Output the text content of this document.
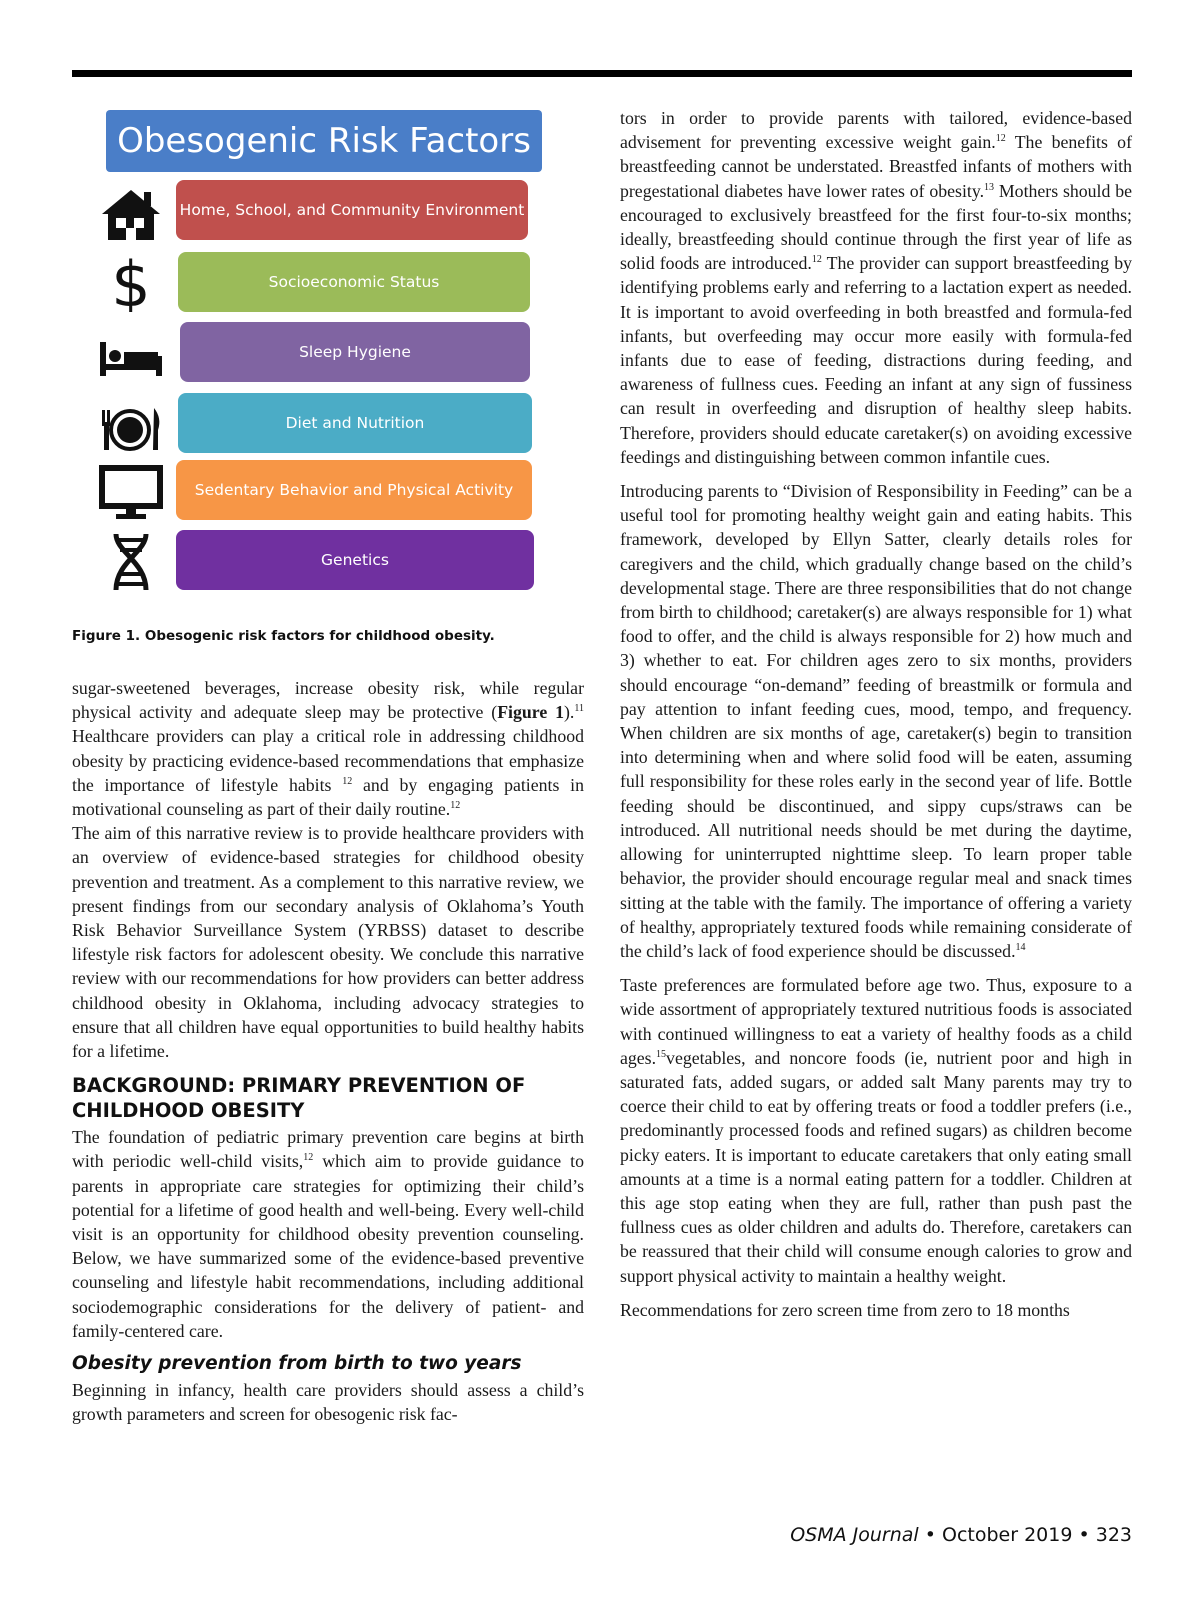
Obesogenic Risk Factors
$
Home, School, and Community Environment
Socioeconomic Status
Sleep Hygiene
Diet and Nutrition
Sedentary Behavior and Physical Activity
Genetics
Figure 1. Obesogenic risk factors for childhood obesity.

sugar-sweetened beverages, increase obesity risk, while regular physical activity and adequate sleep may be protective (Figure 1).$^{11}$ Healthcare providers can play a critical role in addressing childhood obesity by practicing evidence-based recommendations that emphasize the importance of lifestyle habits $^{12}$ and by engaging patients in motivational counseling as part of their daily routine.$^{12}$

The aim of this narrative review is to provide healthcare providers with an overview of evidence-based strategies for childhood obesity prevention and treatment. As a complement to this narrative review, we present findings from our secondary analysis of Oklahoma’s Youth Risk Behavior Surveillance System (YRBSS) dataset to describe lifestyle risk factors for adolescent obesity. We conclude this narrative review with our recommendations for how providers can better address childhood obesity in Oklahoma, including advocacy strategies to ensure that all children have equal opportunities to build healthy habits for a lifetime.

BACKGROUND: PRIMARY PREVENTION OF CHILDHOOD OBESITY

The foundation of pediatric primary prevention care begins at birth with periodic well-child visits,$^{12}$ which aim to provide guidance to parents in appropriate care strategies for optimizing their child’s potential for a lifetime of good health and well-being. Every well-child visit is an opportunity for childhood obesity prevention counseling. Below, we have summarized some of the evidence-based preventive counseling and lifestyle habit recommendations, including additional sociodemographic considerations for the delivery of patient- and family-centered care.

Obesity prevention from birth to two years

Beginning in infancy, health care providers should assess a child’s growth parameters and screen for obesogenic risk fac-

tors in order to provide parents with tailored, evidence-based advisement for preventing excessive weight gain.$^{12}$ The benefits of breastfeeding cannot be understated. Breastfed infants of mothers with pregestational diabetes have lower rates of obesity.$^{13}$ Mothers should be encouraged to exclusively breastfeed for the first four-to-six months; ideally, breastfeeding should continue through the first year of life as solid foods are introduced.$^{12}$ The provider can support breastfeeding by identifying problems early and referring to a lactation expert as needed. It is important to avoid overfeeding in both breastfed and formula-fed infants, but overfeeding may occur more easily with formula-fed infants due to ease of feeding, distractions during feeding, and awareness of fullness cues. Feeding an infant at any sign of fussiness can result in overfeeding and disruption of healthy sleep habits. Therefore, providers should educate caretaker(s) on avoiding excessive feedings and distinguishing between common infantile cues.

Introducing parents to “Division of Responsibility in Feeding” can be a useful tool for promoting healthy weight gain and eating habits. This framework, developed by Ellyn Satter, clearly details roles for caregivers and the child, which gradually change based on the child’s developmental stage. There are three responsibilities that do not change from birth to childhood; caretaker(s) are always responsible for 1) what food to offer, and the child is always responsible for 2) how much and 3) whether to eat. For children ages zero to six months, providers should encourage “on-demand” feeding of breastmilk or formula and pay attention to infant feeding cues, mood, tempo, and frequency. When children are six months of age, caretaker(s) begin to transition into determining when and where solid food will be eaten, assuming full responsibility for these roles early in the second year of life. Bottle feeding should be discontinued, and sippy cups/straws can be introduced. All nutritional needs should be met during the daytime, allowing for uninterrupted nighttime sleep. To learn proper table behavior, the provider should encourage regular meal and snack times sitting at the table with the family. The importance of offering a variety of healthy, appropriately textured foods while remaining considerate of the child’s lack of food experience should be discussed.$^{14}$

Taste preferences are formulated before age two. Thus, exposure to a wide assortment of appropriately textured nutritious foods is associated with continued willingness to eat a variety of healthy foods as a child ages.$^{15}$vegetables, and noncore foods (ie, nutrient poor and high in saturated fats, added sugars, or added salt Many parents may try to coerce their child to eat by offering treats or food a toddler prefers (i.e., predominantly processed foods and refined sugars) as children become picky eaters. It is important to educate caretakers that only eating small amounts at a time is a normal eating pattern for a toddler. Children at this age stop eating when they are full, rather than push past the fullness cues as older children and adults do. Therefore, caretakers can be reassured that their child will consume enough calories to grow and support physical activity to maintain a healthy weight.

Recommendations for zero screen time from zero to 18 months

OSMA Journal • October 2019 • 323
